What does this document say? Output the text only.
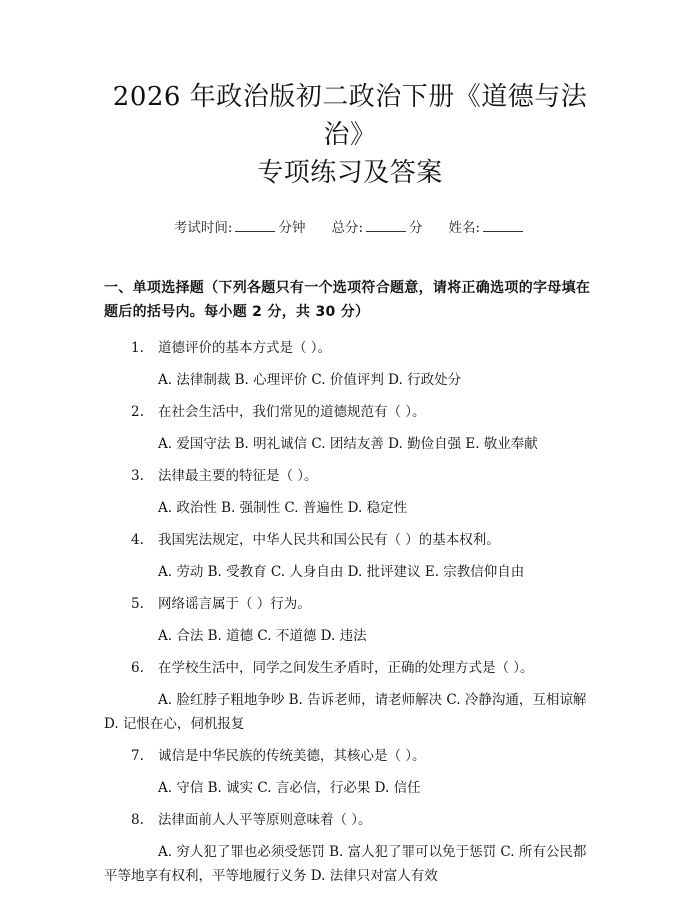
2026 年政治版初二政治下册《道德与法治》
专项练习及答案
考试时间:	分钟 总分:	分 姓名:
一、单项选择题（下列各题只有一个选项符合题意，请将正确选项的字母填在题后的括号内。每小题 2 分，共 30 分）
1.	道德评价的基本方式是（ ）。
A. 法律制裁 B. 心理评价 C. 价值评判 D. 行政处分
2.	在社会生活中，我们常见的道德规范有（ ）。
A. 爱国守法 B. 明礼诚信 C. 团结友善 D. 勤俭自强 E. 敬业奉献
3.	法律最主要的特征是（ ）。
A. 政治性 B. 强制性 C. 普遍性 D. 稳定性
4.	我国宪法规定，中华人民共和国公民有（ ）的基本权利。
A. 劳动 B. 受教育 C. 人身自由 D. 批评建议 E. 宗教信仰自由
5.	网络谣言属于（ ）行为。
A. 合法 B. 道德 C. 不道德 D. 违法
6.	在学校生活中，同学之间发生矛盾时，正确的处理方式是（ ）。
A. 脸红脖子粗地争吵 B. 告诉老师，请老师解决 C. 冷静沟通，互相谅解 D. 记恨在心，伺机报复
7.	诚信是中华民族的传统美德，其核心是（ ）。
A. 守信 B. 诚实 C. 言必信，行必果 D. 信任
8.	法律面前人人平等原则意味着（ ）。
A. 穷人犯了罪也必须受惩罚 B. 富人犯了罪可以免于惩罚 C. 所有公民都平等地享有权利，平等地履行义务 D. 法律只对富人有效
